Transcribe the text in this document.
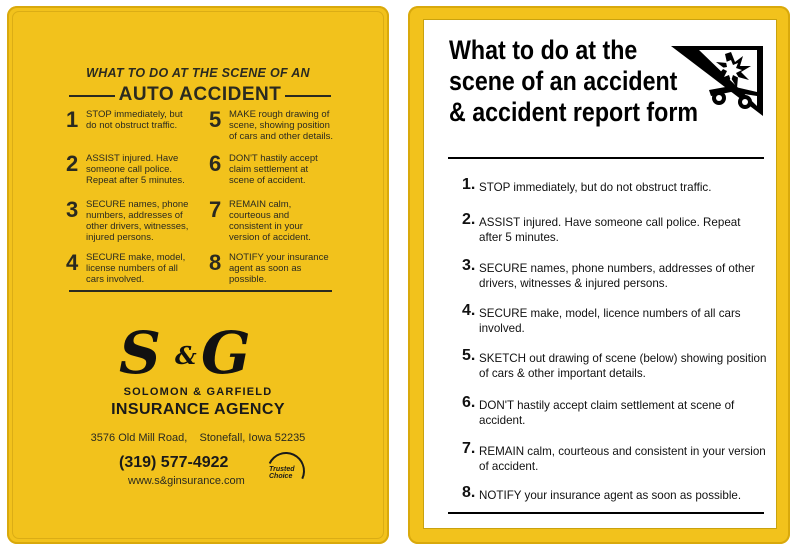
WHAT TO DO AT THE SCENE OF AN
AUTO ACCIDENT
1 STOP immediately, but do not obstruct traffic.
2 ASSIST injured. Have someone call police. Repeat after 5 minutes.
3 SECURE names, phone numbers, addresses of other drivers, witnesses, injured persons.
4 SECURE make, model, license numbers of all cars involved.
5 MAKE rough drawing of scene, showing position of cars and other details.
6 DON'T hastily accept claim settlement at scene of accident.
7 REMAIN calm, courteous and consistent in your version of accident.
8 NOTIFY your insurance agent as soon as possible.
S & G
SOLOMON & GARFIELD
INSURANCE AGENCY
3576 Old Mill Road,    Stonefall, Iowa 52235
(319) 577-4922
www.s&ginsurance.com
Trusted
Choice
What to do at the
scene of an accident
& accident report form
1. STOP immediately, but do not obstruct traffic.
2. ASSIST injured. Have someone call police. Repeat after 5 minutes.
3. SECURE names, phone numbers, addresses of other drivers, witnesses & injured persons.
4. SECURE make, model, licence numbers of all cars involved.
5. SKETCH out drawing of scene (below) showing position of cars & other important details.
6. DON'T hastily accept claim settlement at scene of accident.
7. REMAIN calm, courteous and consistent in your version of accident.
8. NOTIFY your insurance agent as soon as possible.
